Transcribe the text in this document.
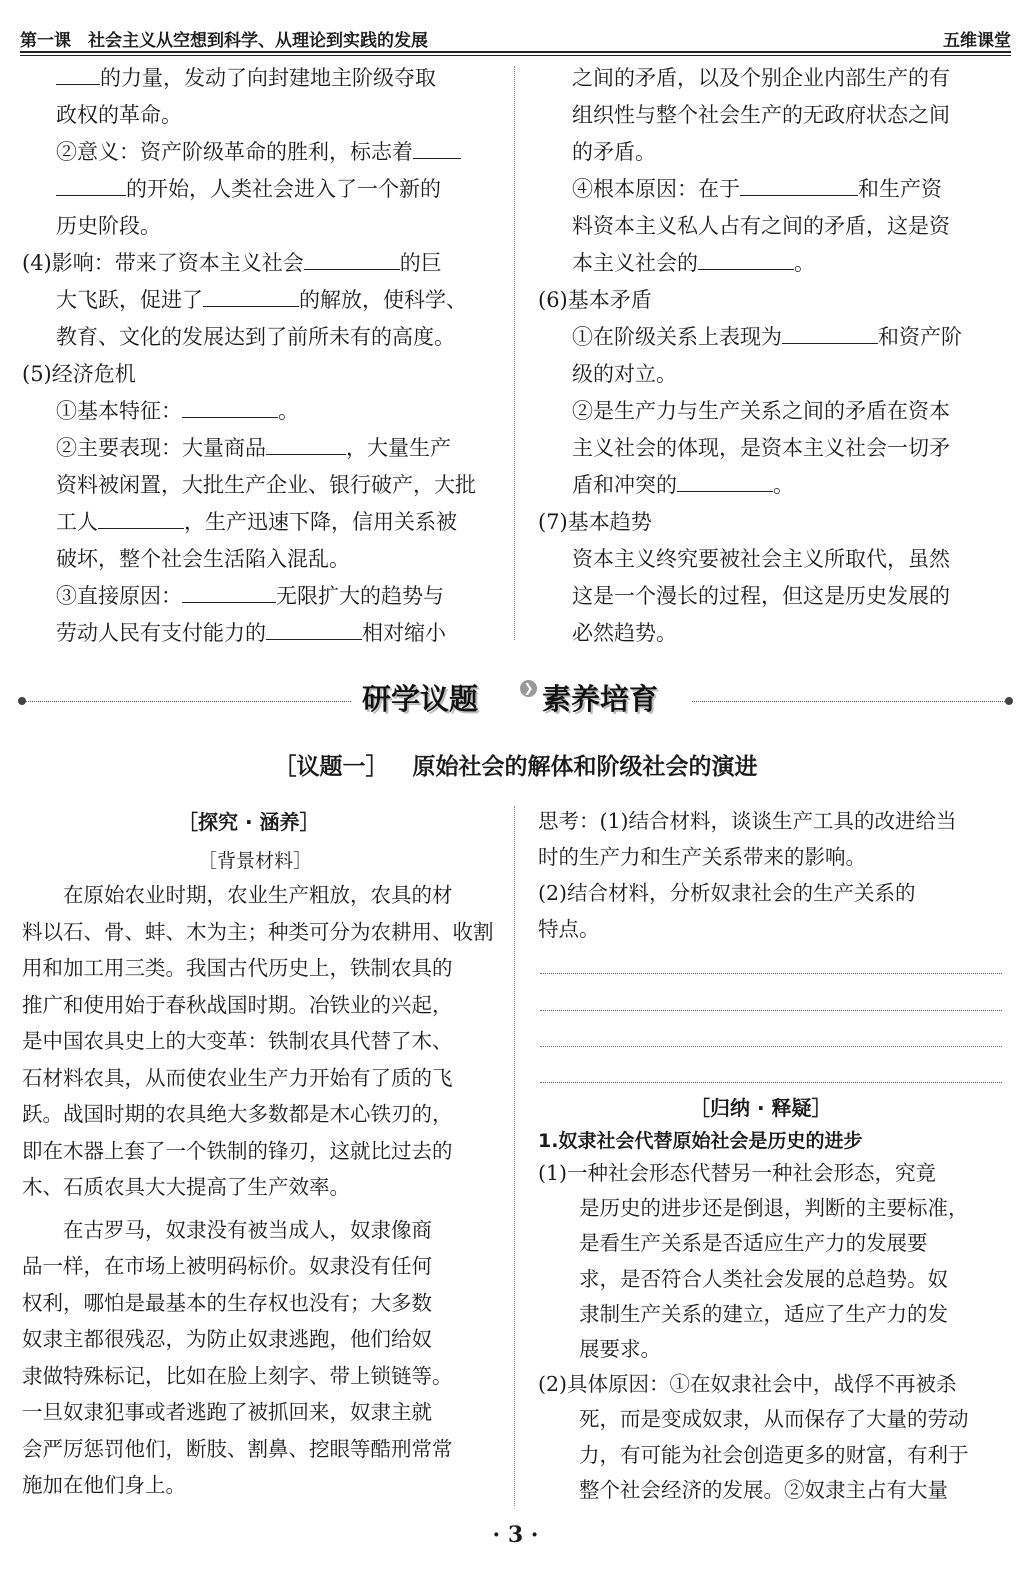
第一课　社会主义从空想到科学、从理论到实践的发展	五维课堂

的力量，发动了向封建地主阶级夺取

政权的革命。

②意义：资产阶级革命的胜利，标志着

的开始，人类社会进入了一个新的

历史阶段。

(4)影响：带来了资本主义社会	的巨

大飞跃，促进了	的解放，使科学、

教育、文化的发展达到了前所未有的高度。

(5)经济危机

①基本特征：	。

②主要表现：大量商品	，大量生产

资料被闲置，大批生产企业、银行破产，大批

工人	，生产迅速下降，信用关系被

破坏，整个社会生活陷入混乱。

③直接原因：	无限扩大的趋势与

劳动人民有支付能力的	相对缩小

之间的矛盾，以及个别企业内部生产的有

组织性与整个社会生产的无政府状态之间

的矛盾。

④根本原因：在于	和生产资

料资本主义私人占有之间的矛盾，这是资

本主义社会的	。

(6)基本矛盾

①在阶级关系上表现为	和资产阶

级的对立。

②是生产力与生产关系之间的矛盾在资本

主义社会的体现，是资本主义社会一切矛

盾和冲突的	。

(7)基本趋势

资本主义终究要被社会主义所取代，虽然

这是一个漫长的过程，但这是历史发展的

必然趋势。

研学议题 素养培育
❯
［议题一］ 原始社会的解体和阶级社会的演进
［探究 · 涵养］
［背景材料］

　　在原始农业时期，农业生产粗放，农具的材

料以石、骨、蚌、木为主；种类可分为农耕用、收割

用和加工用三类。我国古代历史上，铁制农具的

推广和使用始于春秋战国时期。冶铁业的兴起，

是中国农具史上的大变革：铁制农具代替了木、

石材料农具，从而使农业生产力开始有了质的飞

跃。战国时期的农具绝大多数都是木心铁刃的，

即在木器上套了一个铁制的锋刃，这就比过去的

木、石质农具大大提高了生产效率。

　　在古罗马，奴隶没有被当成人，奴隶像商

品一样，在市场上被明码标价。奴隶没有任何

权利，哪怕是最基本的生存权也没有；大多数

奴隶主都很残忍，为防止奴隶逃跑，他们给奴

隶做特殊标记，比如在脸上刻字、带上锁链等。

一旦奴隶犯事或者逃跑了被抓回来，奴隶主就

会严厉惩罚他们，断肢、割鼻、挖眼等酷刑常常

施加在他们身上。

思考：(1)结合材料，谈谈生产工具的改进给当

时的生产力和生产关系带来的影响。

(2)结合材料，分析奴隶社会的生产关系的

特点。

［归纳 · 释疑］
1.奴隶社会代替原始社会是历史的进步

(1)一种社会形态代替另一种社会形态，究竟

　　是历史的进步还是倒退，判断的主要标准，

　　是看生产关系是否适应生产力的发展要

　　求，是否符合人类社会发展的总趋势。奴

　　隶制生产关系的建立，适应了生产力的发

　　展要求。

(2)具体原因：①在奴隶社会中，战俘不再被杀

　　死，而是变成奴隶，从而保存了大量的劳动

　　力，有可能为社会创造更多的财富，有利于

　　整个社会经济的发展。②奴隶主占有大量

· 3 ·
